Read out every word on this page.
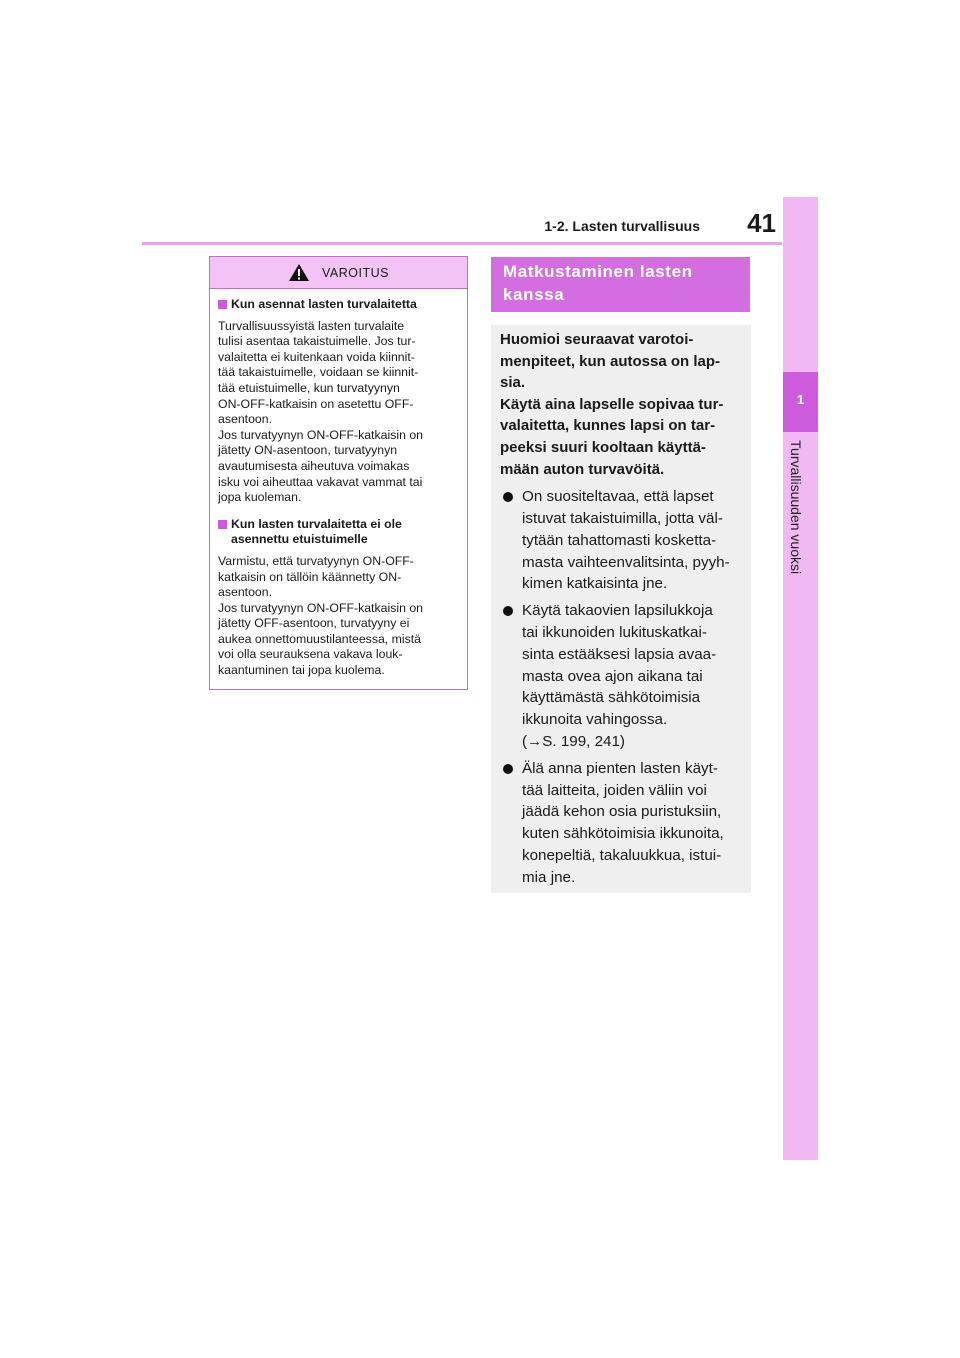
1-2. Lasten turvallisuus	41
1
Turvallisuuden vuoksi
VAROITUS
Kun asennat lasten turvalaitetta

Turvallisuussyistä lasten turvalaite
tulisi asentaa takaistuimelle. Jos tur-
valaitetta ei kuitenkaan voida kiinnit-
tää takaistuimelle, voidaan se kiinnit-
tää etuistuimelle, kun turvatyynyn
ON-OFF-katkaisin on asetettu OFF-
asentoon.
Jos turvatyynyn ON-OFF-katkaisin on
jätetty ON-asentoon, turvatyynyn
avautumisesta aiheutuva voimakas
isku voi aiheuttaa vakavat vammat tai
jopa kuoleman.

Kun lasten turvalaitetta ei ole
asennettu etuistuimelle

Varmistu, että turvatyynyn ON-OFF-
katkaisin on tällöin käännetty ON-
asentoon.
Jos turvatyynyn ON-OFF-katkaisin on
jätetty OFF-asentoon, turvatyyny ei
aukea onnettomuustilanteessa, mistä
voi olla seurauksena vakava louk-
kaantuminen tai jopa kuolema.

Matkustaminen lasten
kanssa

Huomioi seuraavat varotoi-
menpiteet, kun autossa on lap-
sia.
Käytä aina lapselle sopivaa tur-
valaitetta, kunnes lapsi on tar-
peeksi suuri kooltaan käyttä-
mään auton turvavöitä.

On suositeltavaa, että lapset
istuvat takaistuimilla, jotta väl-
tytään tahattomasti kosketta-
masta vaihteenvalitsinta, pyyh-
kimen katkaisinta jne.
Käytä takaovien lapsilukkoja
tai ikkunoiden lukituskatkai-
sinta estääksesi lapsia avaa-
masta ovea ajon aikana tai
käyttämästä sähkötoimisia
ikkunoita vahingossa.
(→S. 199, 241)
Älä anna pienten lasten käyt-
tää laitteita, joiden väliin voi
jäädä kehon osia puristuksiin,
kuten sähkötoimisia ikkunoita,
konepeltiä, takaluukkua, istui-
mia jne.
